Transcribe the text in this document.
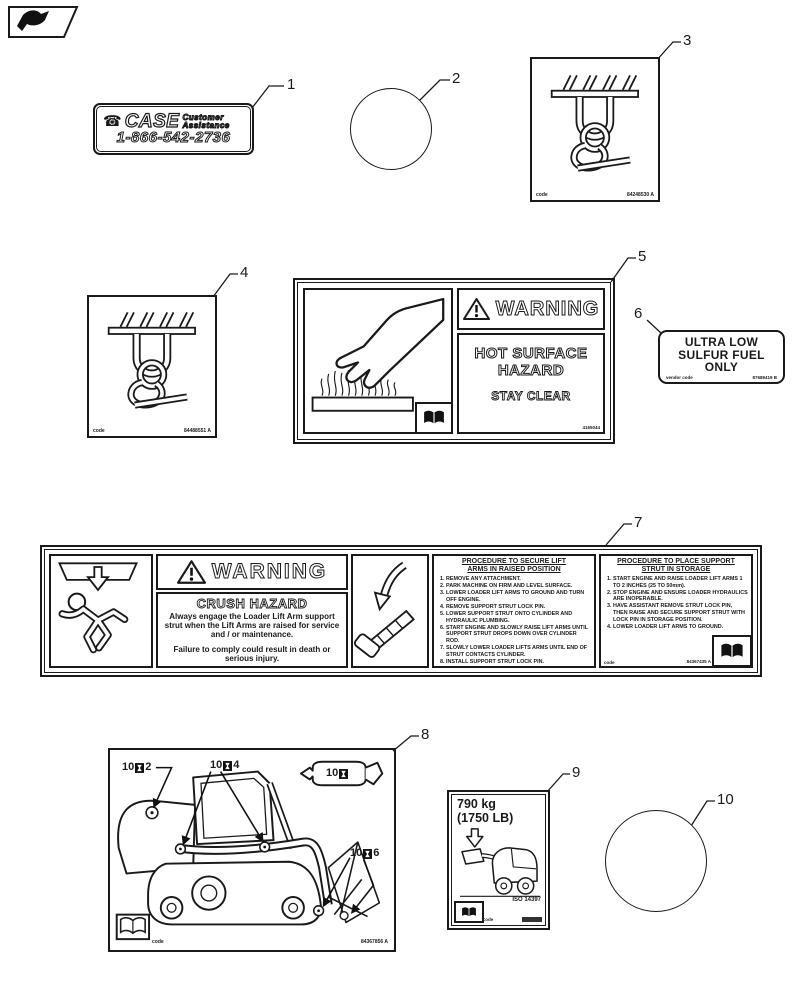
1	2
3
4
5
6
7
8
9
10
☎ CASE Customer
Assistance
1-866-542-2736
code	84248530 A
code	84488551 A
WARNING
HOT SURFACE
HAZARD
STAY CLEAR
4165044
ULTRA LOW
SULFUR FUEL
ONLY
vendor code	87689419 B
WARNING
CRUSH HAZARD
Always engage the Loader Lift Arm support strut when the Lift Arms are raised for service and / or maintenance.
Failure to comply could result in death or serious injury.
PROCEDURE TO SECURE LIFT
ARMS IN RAISED POSITION
1. REMOVE ANY ATTACHMENT.
2. PARK MACHINE ON FIRM AND LEVEL SURFACE.
3. LOWER LOADER LIFT ARMS TO GROUND AND TURN OFF ENGINE.
4. REMOVE SUPPORT STRUT LOCK PIN.
5. LOWER SUPPORT STRUT ONTO CYLINDER AND HYDRAULIC PLUMBING.
6. START ENGINE AND SLOWLY RAISE LIFT ARMS UNTIL SUPPORT STRUT DROPS DOWN OVER CYLINDER ROD.
7. SLOWLY LOWER LOADER LIFTS ARMS UNTIL END OF STRUT CONTACTS CYLINDER.
8. INSTALL SUPPORT STRUT LOCK PIN.
PROCEDURE TO PLACE SUPPORT
STRUT IN STORAGE
1. START ENGINE AND RAISE LOADER LIFT ARMS 1 TO 2 INCHES (25 TO 50mm).
2. STOP ENGINE AND ENSURE LOADER HYDRAULICS ARE INOPERABLE.
3. HAVE ASSISTANT REMOVE STRUT LOCK PIN, THEN RAISE AND SECURE SUPPORT STRUT WITH LOCK PIN IN STORAGE POSITION.
4. LOWER LOADER LIFT ARMS TO GROUND.
code	84367435 A
10 2	10 4
10 6
10
code	84367856 A
790 kg
(1750 LB)
ISO 14397
Code	84359485
